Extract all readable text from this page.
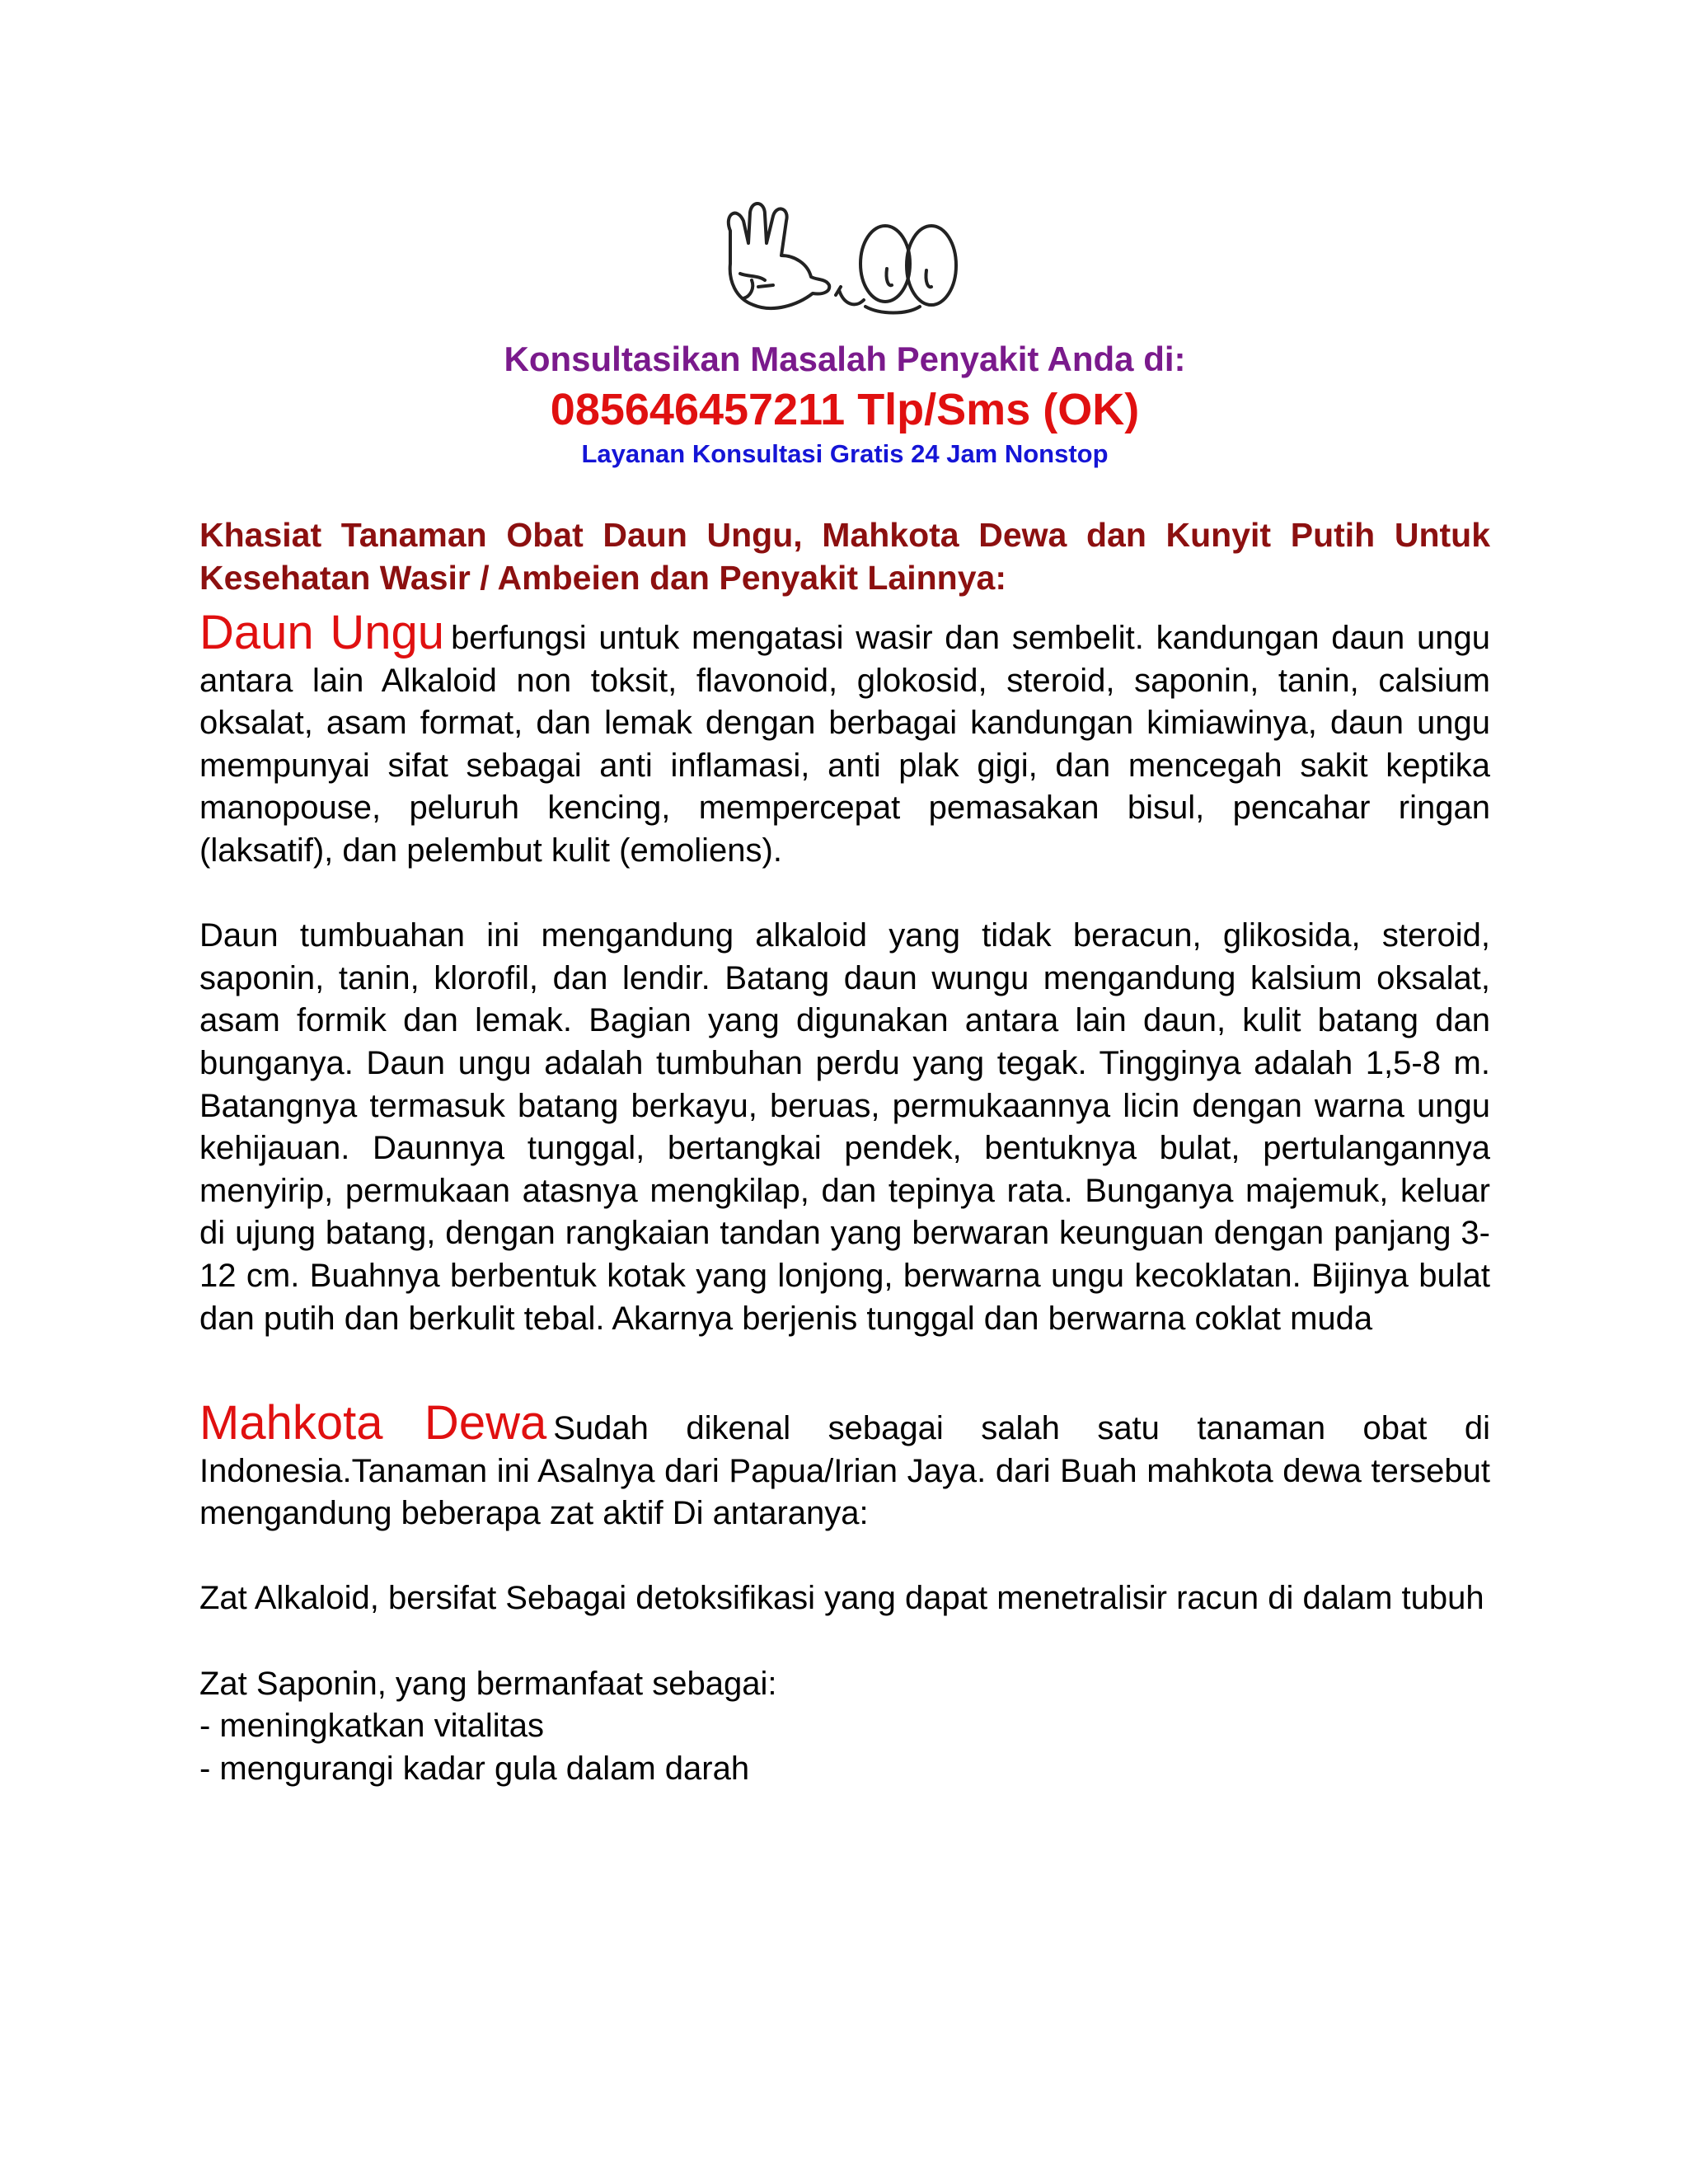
Konsultasikan Masalah Penyakit Anda di:
085646457211 Tlp/Sms (OK)
Layanan Konsultasi Gratis 24 Jam Nonstop
Khasiat Tanaman Obat Daun Ungu, Mahkota Dewa dan Kunyit Putih Untuk Kesehatan Wasir / Ambeien dan Penyakit Lainnya:

Daun Ungu berfungsi untuk mengatasi wasir dan sembelit. kandungan daun ungu antara lain Alkaloid non toksit, flavonoid, glokosid, steroid, saponin, tanin, calsium oksalat, asam format, dan lemak dengan berbagai kandungan kimiawinya, daun ungu mempunyai sifat sebagai anti inflamasi, anti plak gigi, dan mencegah sakit keptika manopouse, peluruh kencing, mempercepat pemasakan bisul, pencahar ringan (laksatif), dan pelembut kulit (emoliens).

Daun tumbuahan ini mengandung alkaloid yang tidak beracun, glikosida, steroid, saponin, tanin, klorofil, dan lendir. Batang daun wungu mengandung kalsium oksalat, asam formik dan lemak. Bagian yang digunakan antara lain daun, kulit batang dan bunganya. Daun ungu adalah tumbuhan perdu yang tegak. Tingginya adalah 1,5-8 m. Batangnya termasuk batang berkayu, beruas, permukaannya licin dengan warna ungu kehijauan. Daunnya tunggal, bertangkai pendek, bentuknya bulat, pertulangannya menyirip, permukaan atasnya mengkilap, dan tepinya rata. Bunganya majemuk, keluar di ujung batang, dengan rangkaian tandan yang berwaran keunguan dengan panjang 3-12 cm. Buahnya berbentuk kotak yang lonjong, berwarna ungu kecoklatan. Bijinya bulat dan putih dan berkulit tebal. Akarnya berjenis tunggal dan berwarna coklat muda

Mahkota Dewa Sudah dikenal sebagai salah satu tanaman obat di Indonesia.Tanaman ini Asalnya dari Papua/Irian Jaya. dari Buah mahkota dewa tersebut mengandung beberapa zat aktif Di antaranya:

Zat Alkaloid, bersifat Sebagai detoksifikasi yang dapat menetralisir racun di dalam tubuh

Zat Saponin, yang bermanfaat sebagai:

- meningkatkan vitalitas

- mengurangi kadar gula dalam darah
